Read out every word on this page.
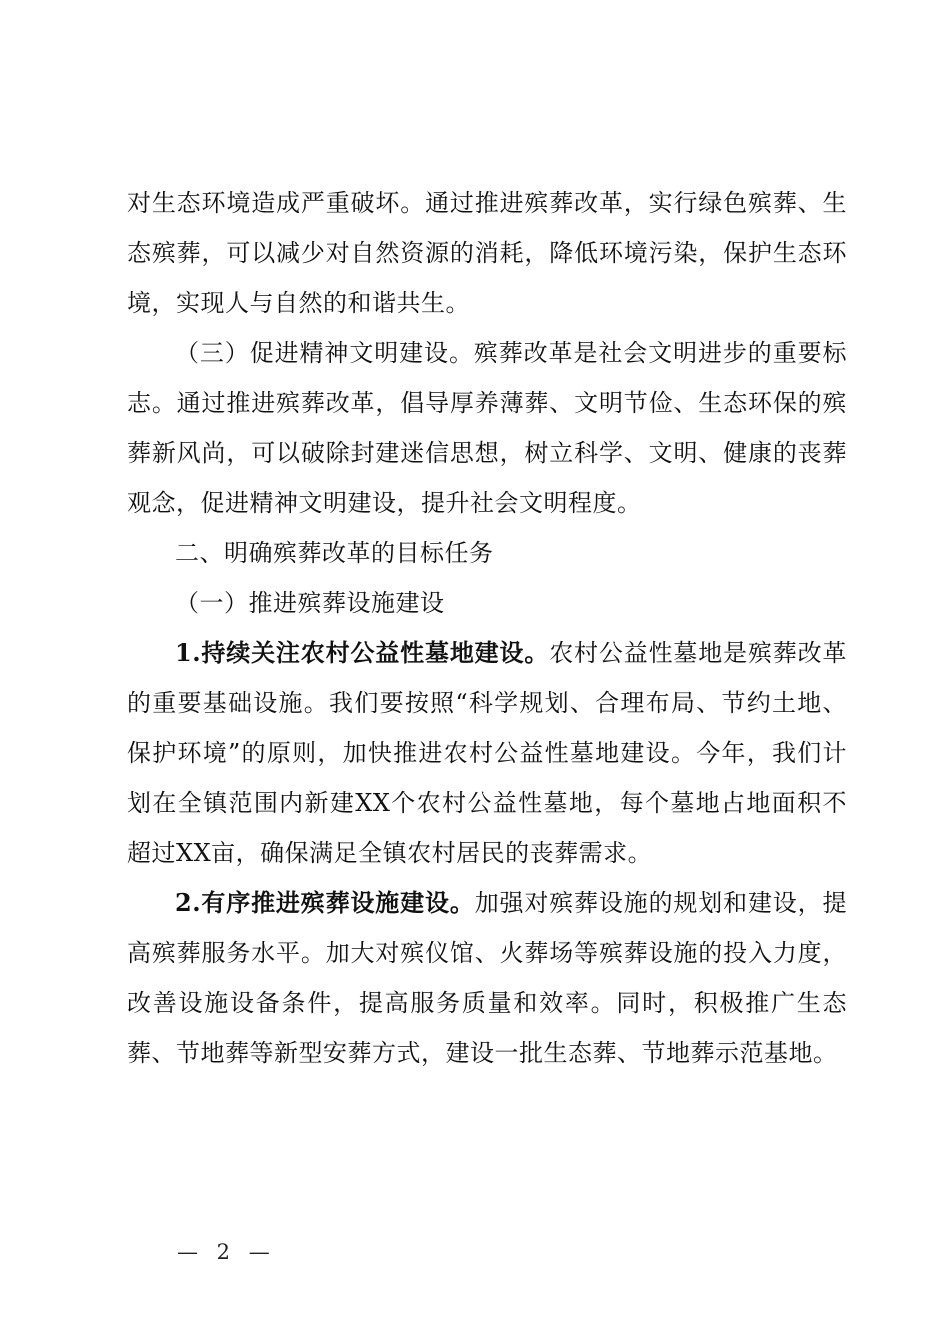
对生态环境造成严重破坏。通过推进殡葬改革，实行绿色殡葬、生态殡葬，可以减少对自然资源的消耗，降低环境污染，保护生态环境，实现人与自然的和谐共生。

（三）促进精神文明建设。殡葬改革是社会文明进步的重要标志。通过推进殡葬改革，倡导厚养薄葬、文明节俭、生态环保的殡葬新风尚，可以破除封建迷信思想，树立科学、文明、健康的丧葬观念，促进精神文明建设，提升社会文明程度。

二、明确殡葬改革的目标任务

（一）推进殡葬设施建设

1.持续关注农村公益性墓地建设。农村公益性墓地是殡葬改革的重要基础设施。我们要按照“科学规划、合理布局、节约土地、保护环境”的原则，加快推进农村公益性墓地建设。今年，我们计划在全镇范围内新建XX个农村公益性墓地，每个墓地占地面积不超过XX亩，确保满足全镇农村居民的丧葬需求。

2.有序推进殡葬设施建设。加强对殡葬设施的规划和建设，提高殡葬服务水平。加大对殡仪馆、火葬场等殡葬设施的投入力度，改善设施设备条件，提高服务质量和效率。同时，积极推广生态葬、节地葬等新型安葬方式，建设一批生态葬、节地葬示范基地。

— 2 —
